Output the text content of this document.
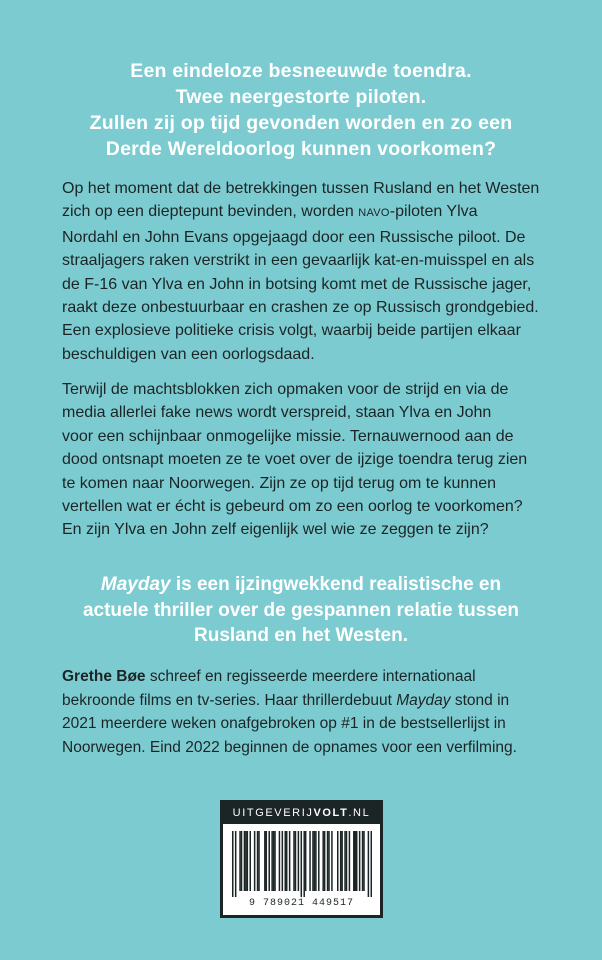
Een eindeloze besneeuwde toendra.
Twee neergestorte piloten.
Zullen zij op tijd gevonden worden en zo een
Derde Wereldoorlog kunnen voorkomen?
Op het moment dat de betrekkingen tussen Rusland en het Westen
zich op een dieptepunt bevinden, worden NAVO-piloten Ylva
Nordahl en John Evans opgejaagd door een Russische piloot. De
straaljagers raken verstrikt in een gevaarlijk kat-en-muisspel en als
de F-16 van Ylva en John in botsing komt met de Russische jager,
raakt deze onbestuurbaar en crashen ze op Russisch grondgebied.
Een explosieve politieke crisis volgt, waarbij beide partijen elkaar
beschuldigen van een oorlogsdaad.
Terwijl de machtsblokken zich opmaken voor de strijd en via de
media allerlei fake news wordt verspreid, staan Ylva en John
voor een schijnbaar onmogelijke missie. Ternauwernood aan de
dood ontsnapt moeten ze te voet over de ijzige toendra terug zien
te komen naar Noorwegen. Zijn ze op tijd terug om te kunnen
vertellen wat er écht is gebeurd om zo een oorlog te voorkomen?
En zijn Ylva en John zelf eigenlijk wel wie ze zeggen te zijn?
Mayday is een ijzingwekkend realistische en
actuele thriller over de gespannen relatie tussen
Rusland en het Westen.
Grethe Bøe schreef en regisseerde meerdere internationaal
bekroonde films en tv-series. Haar thrillerdebuut Mayday stond in
2021 meerdere weken onafgebroken op #1 in de bestsellerlijst in
Noorwegen. Eind 2022 beginnen de opnames voor een verfilming.
UITGEVERIJVOLT.NL
9 789021 449517
